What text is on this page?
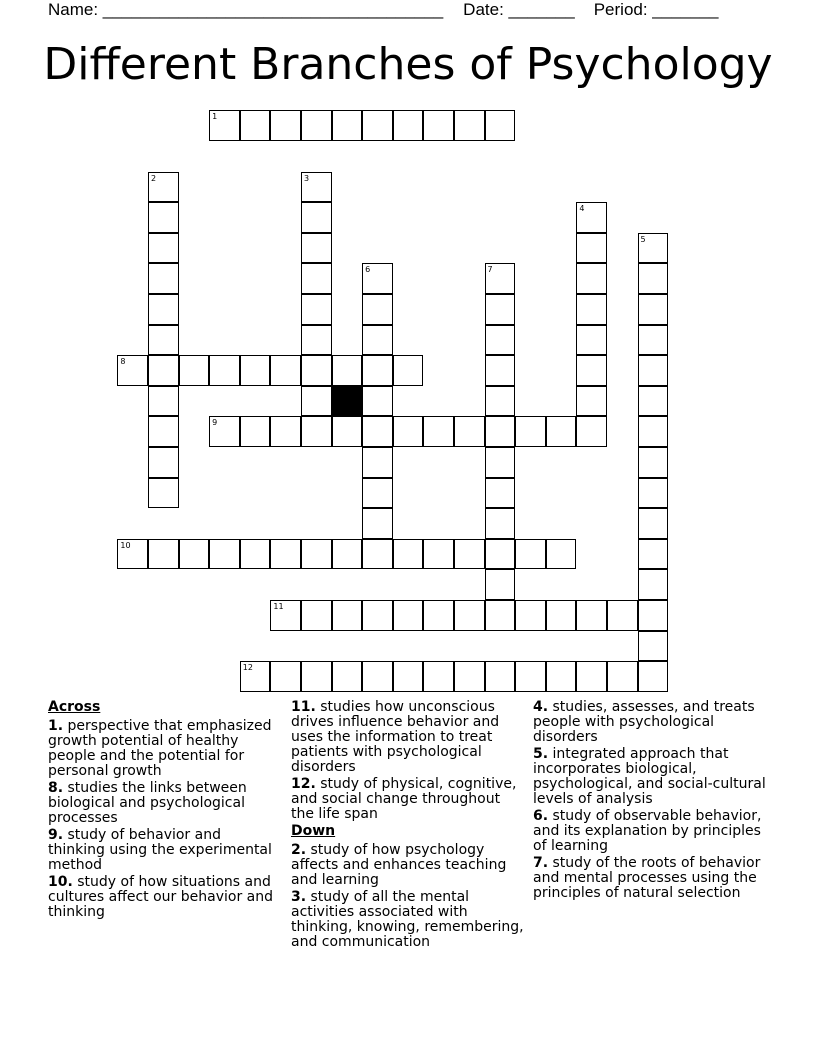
Name: ____________________________________ Date: _______ Period: _______
Different Branches of Psychology
1
2	3
4
5
6	7
8
9
10
11
12
Across
1. perspective that emphasized growth potential of healthy people and the potential for personal growth
8. studies the links between biological and psychological processes
9. study of behavior and thinking using the experimental method
10. study of how situations and cultures affect our behavior and thinking
11. studies how unconscious drives influence behavior and uses the information to treat patients with psychological disorders
12. study of physical, cognitive, and social change throughout the life span
Down
2. study of how psychology affects and enhances teaching and learning
3. study of all the mental activities associated with thinking, knowing, remembering, and communication
4. studies, assesses, and treats people with psychological disorders
5. integrated approach that incorporates biological, psychological, and social-cultural levels of analysis
6. study of observable behavior, and its explanation by principles of learning
7. study of the roots of behavior and mental processes using the principles of natural selection
